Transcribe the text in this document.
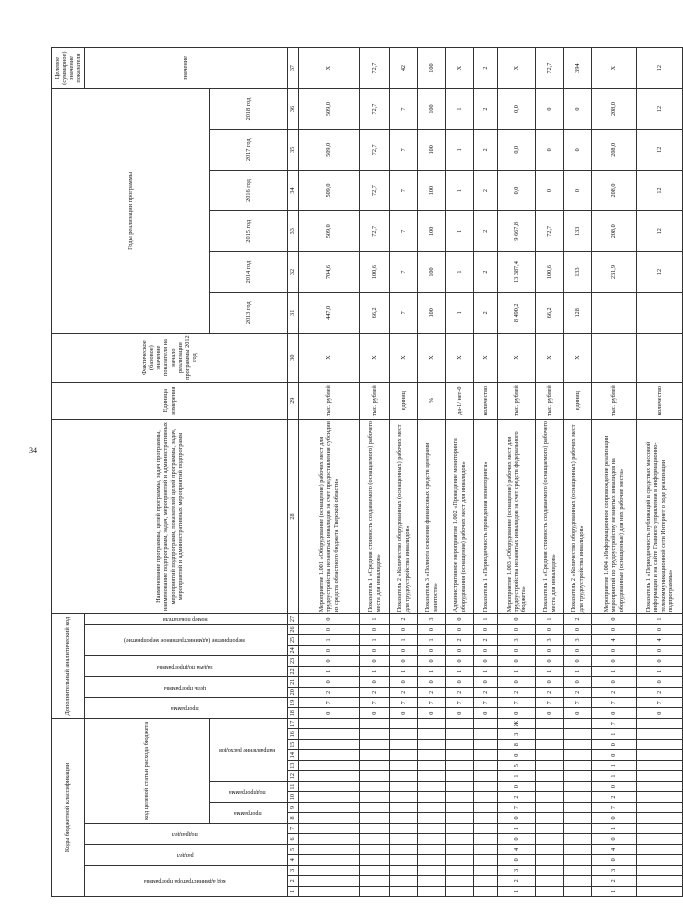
34
Коды бюджетной классификации																	Дополнительный аналитический код										Наименование программы, целей программы, задач программы, наименование подпрограмм, задач, мероприятий и административных мероприятий подпрограмм, показателей целей программы, задач, мероприятий и административных мероприятий подпрограмм	Единица измерения	Фактическое (базовое) значение показателя на начало реализации программы 2012 год	Годы реализации программы						Целевое (суммарное) значение показателя
код администратора программы			раздел		подраздел		код целевой статьи расхода бюджета										программа		цель программы		задача подпрограммы		мероприятие (административное мероприятие)			номер показателя										значение
							программа		подпрограмма		направление расходов																			2013 год	2014 год	2015 год	2016 год	2017 год	2018 год	
1	2	3	4	5	6	7	8	9	10	11	12	13	14	15	16	17	18	19	20	21	22	23	24	25	26	27	28	29	30	31	32	33	34	35	36	37
																	0	7	2	0	1	0	0	1	0	0	Мероприятие 1.001 «Оборудование (оснащение) рабочих мест для трудоустройства незанятых инвалидов за счет предоставления субсидии из средств областного бюджета Тверской области»	тыс. рублей	X	447,0	704,6	509,0	509,0	509,0	509,0	X
																	0	7	2	0	1	0	0	1	0	1	Показатель 1 «Средняя стоимость создаваемого (оснащаемого) рабочего места для инвалидов»	тыс. рублей	X	66,2	100,6	72,7	72,7	72,7	72,7	72,7
																	0	7	2	0	1	0	0	1	0	2	Показатель 2 «Количество оборудованных (оснащенных) рабочих мест для трудоустройства инвалидов»	единиц	X	7	7	7	7	7	7	42
																	0	7	2	0	1	0	0	1	0	3	Показатель 3 «Полнота освоения финансовых средств центрами занятости»	%	X	100	100	100	100	100	100	100
																	0	7	2	0	1	0	0	2	0	0	Административное мероприятие 1.002 «Проведение мониторинга оборудования (оснащения) рабочих мест для инвалидов»	да-1/ нет-0	X	1	1	1	1	1	1	X
																	0	7	2	0	1	0	0	2	0	1	Показатель 1 «Периодичность проведения мониторинга»	количество	X	2	2	2	2	2	2	2
1	2	3	0	4	0	1	0	7	2	0	1	5	0	8	3	Ж	0	7	2	0	1	0	0	3	0	0	Мероприятие 1.003 «Оборудование (оснащение) рабочих мест для трудоустройства незанятых инвалидов за счет средств федерального бюджета»	тыс. рублей	X	8 490,2	13 387,4	9 667,8	0,0	0,0	0,0	X
																	0	7	2	0	1	0	0	3	0	1	Показатель 1 «Средняя стоимость создаваемого (оснащаемого) рабочего места для инвалидов»	тыс. рублей	X	66,2	100,6	72,7	0	0	0	72,7
																	0	7	2	0	1	0	0	3	0	2	Показатель 2 «Количество оборудованных (оснащенных) рабочих мест для трудоустройства инвалидов»	единиц	X	128	133	133	0	0	0	394
1	2	3	0	4	0	1	0	7	2	0	1	1	0	0	1	7	0	7	2	0	1	0	0	4	0	0	Мероприятие 1.004 «Информационное сопровождение реализации мероприятий по трудоустройству незанятых инвалидов на оборудованные (оснащенные) для них рабочие места»	тыс. рублей			231,9	208,0	208,0	208,0	208,0	X
																	0	7	2	0	1	0	0	4	0	1	Показатель 1 «Периодичность публикаций в средствах массовой информации и на сайте Главного управления в информационно-телекоммуникационной сети Интернет о ходе реализации подпрограммы»	количество			12	12	12	12	12	12
